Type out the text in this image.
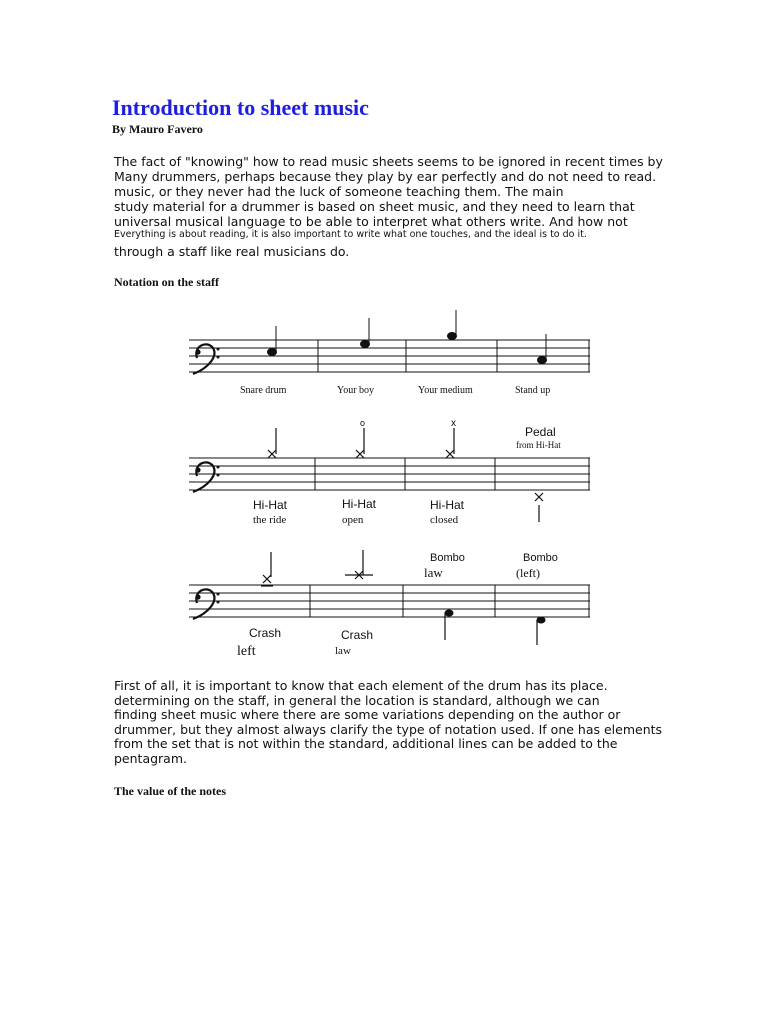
Introduction to sheet music
By Mauro Favero
The fact of "knowing" how to read music sheets seems to be ignored in recent times by
Many drummers, perhaps because they play by ear perfectly and do not need to read.
music, or they never had the luck of someone teaching them. The main
study material for a drummer is based on sheet music, and they need to learn that
universal musical language to be able to interpret what others write. And how not
Everything is about reading, it is also important to write what one touches, and the ideal is to do it.
through a staff like real musicians do.
Notation on the staff
Snare drum	Your boy	Your medium	Stand up
o	x
Pedal
from Hi-Hat
Hi-Hat
the ride
Hi-Hat
open
Hi-Hat
closed
Bombo
law
Bombo
(left)
Crash
left
Crash
law
First of all, it is important to know that each element of the drum has its place.
determining on the staff, in general the location is standard, although we can
finding sheet music where there are some variations depending on the author or
drummer, but they almost always clarify the type of notation used. If one has elements
from the set that is not within the standard, additional lines can be added to the
pentagram.
The value of the notes
